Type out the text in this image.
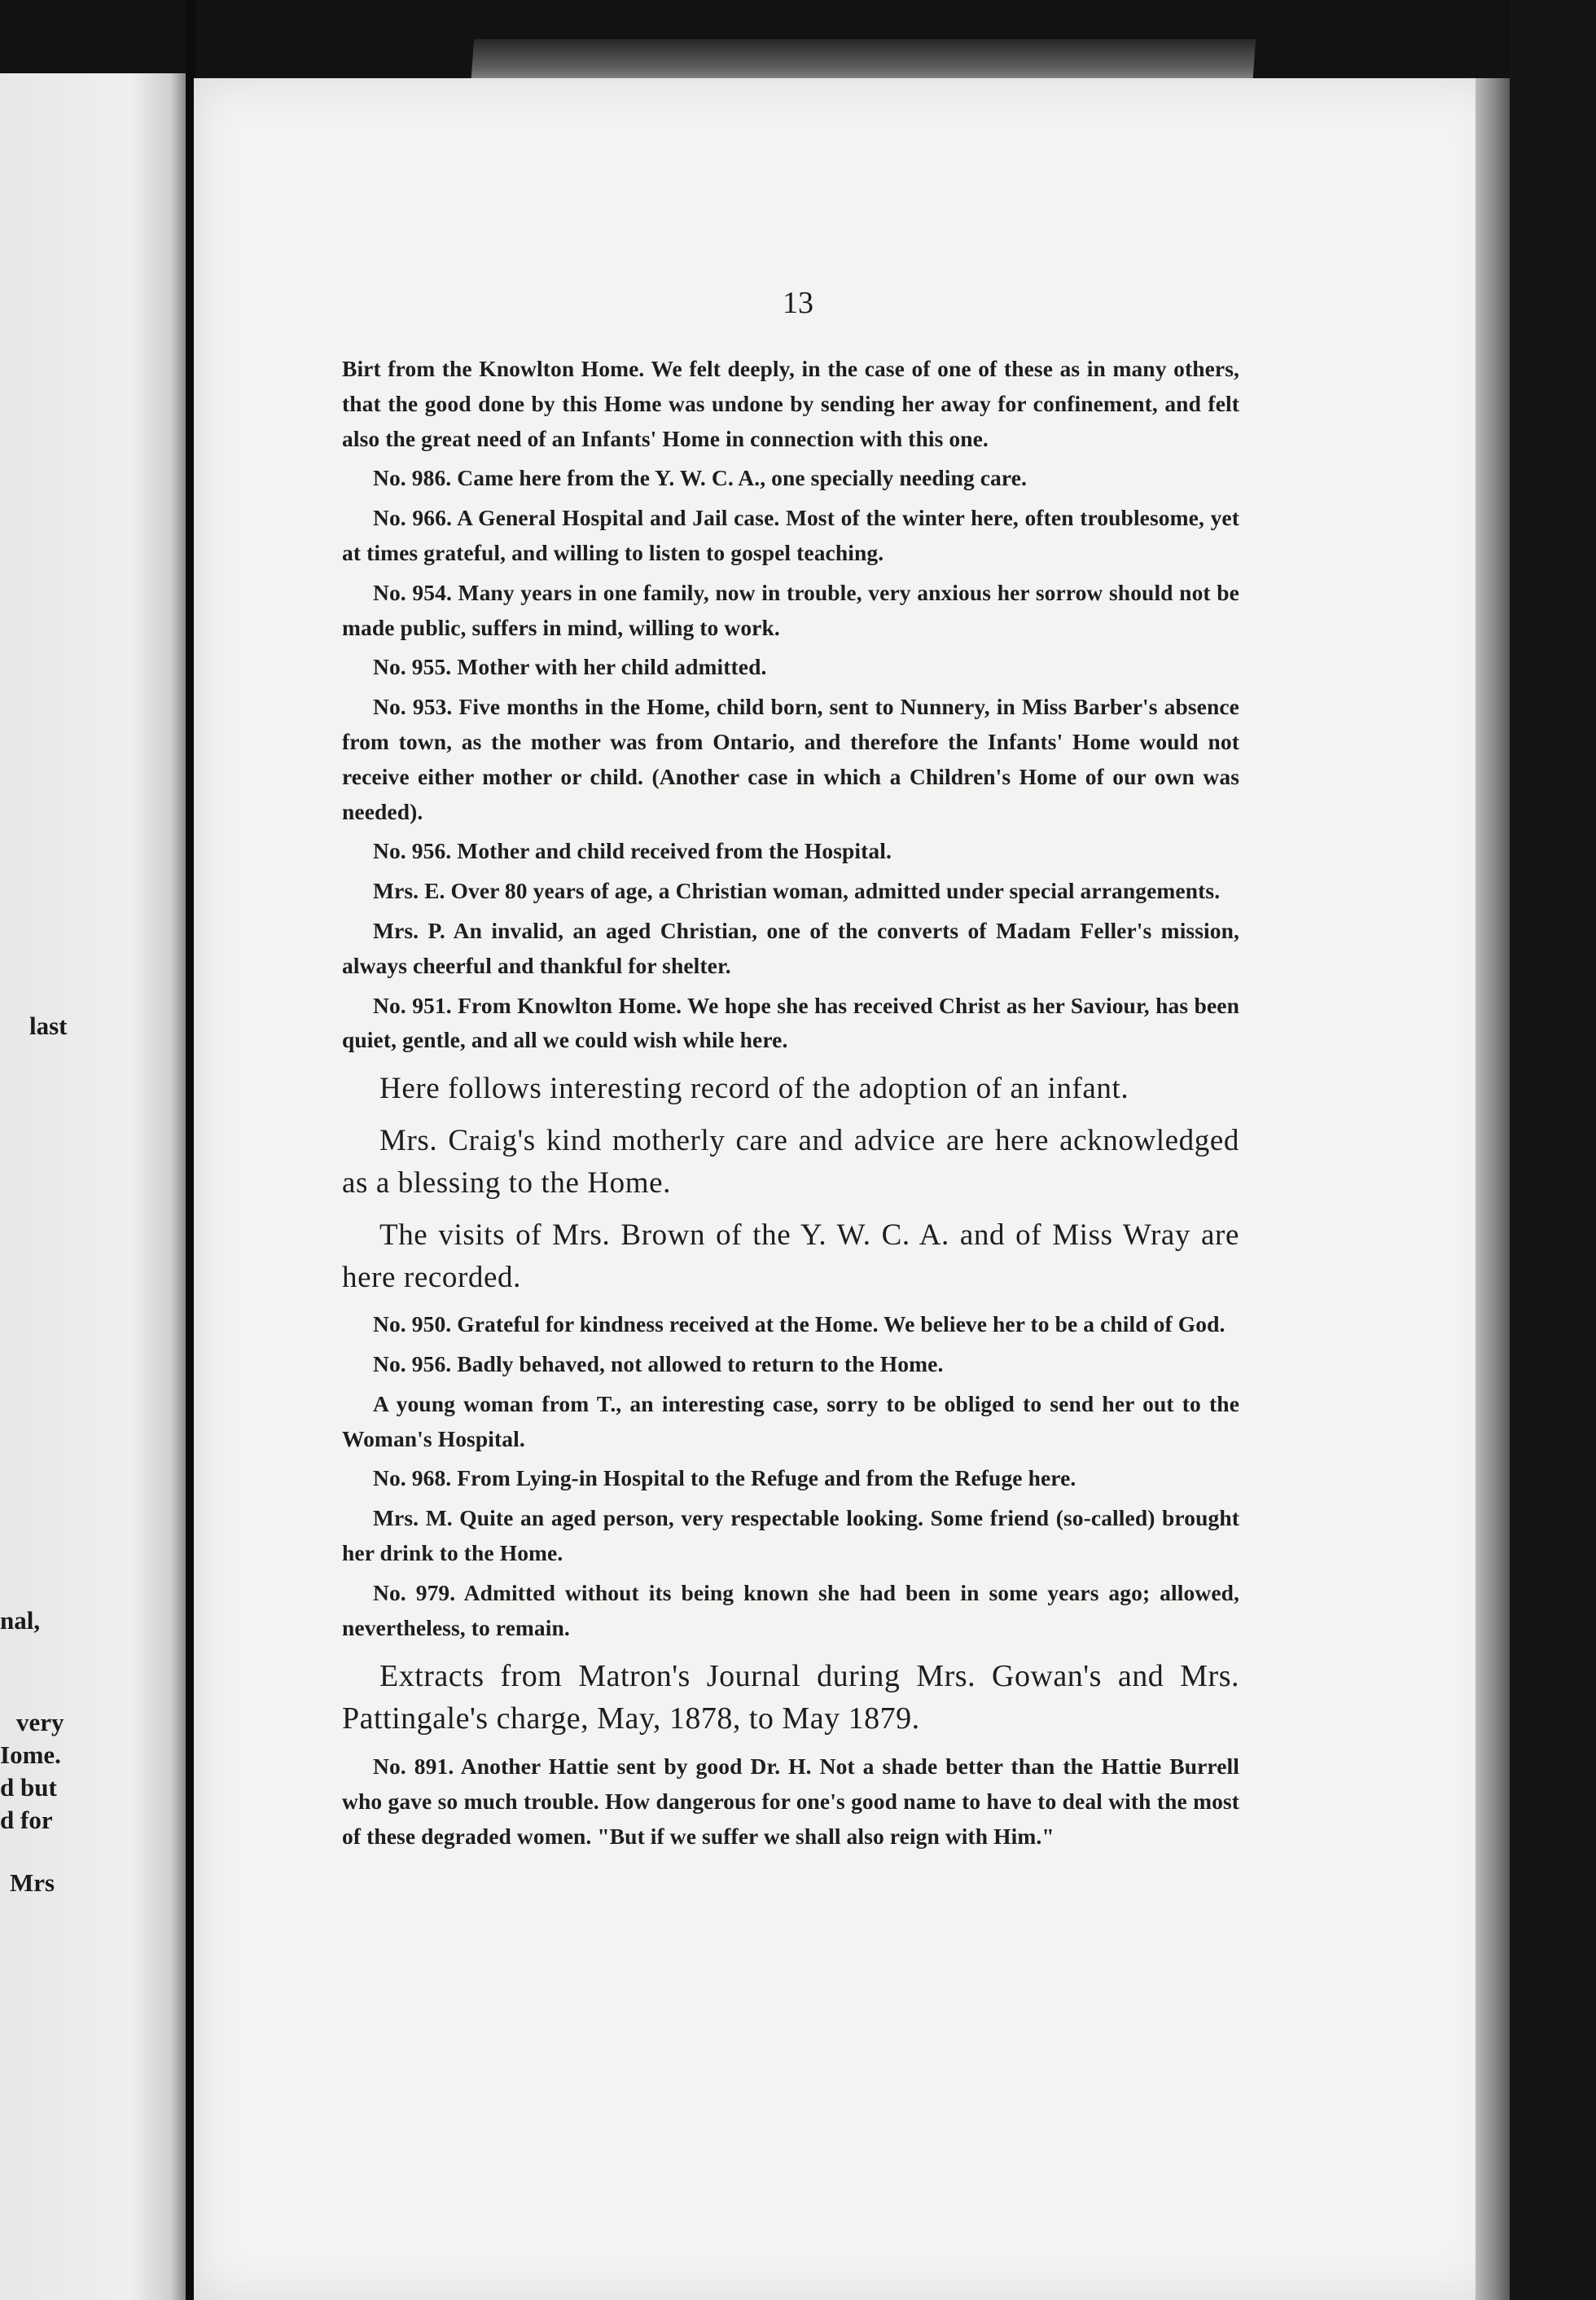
last
nal,
very
Iome.
d but
d for
Mrs
13

Birt from the Knowlton Home. We felt deeply, in the case of one of these as in many others, that the good done by this Home was undone by sending her away for confinement, and felt also the great need of an Infants' Home in connection with this one.

No. 986. Came here from the Y. W. C. A., one specially needing care.

No. 966. A General Hospital and Jail case. Most of the winter here, often troublesome, yet at times grateful, and willing to listen to gospel teaching.

No. 954. Many years in one family, now in trouble, very anxious her sorrow should not be made public, suffers in mind, willing to work.

No. 955. Mother with her child admitted.

No. 953. Five months in the Home, child born, sent to Nunnery, in Miss Barber's absence from town, as the mother was from Ontario, and therefore the Infants' Home would not receive either mother or child. (Another case in which a Children's Home of our own was needed).

No. 956. Mother and child received from the Hospital.

Mrs. E. Over 80 years of age, a Christian woman, admitted under special arrangements.

Mrs. P. An invalid, an aged Christian, one of the converts of Madam Feller's mission, always cheerful and thankful for shelter.

No. 951. From Knowlton Home. We hope she has received Christ as her Saviour, has been quiet, gentle, and all we could wish while here.

Here follows interesting record of the adoption of an infant.

Mrs. Craig's kind motherly care and advice are here acknowledged as a blessing to the Home.

The visits of Mrs. Brown of the Y. W. C. A. and of Miss Wray are here recorded.

No. 950. Grateful for kindness received at the Home. We believe her to be a child of God.

No. 956. Badly behaved, not allowed to return to the Home.

A young woman from T., an interesting case, sorry to be obliged to send her out to the Woman's Hospital.

No. 968. From Lying-in Hospital to the Refuge and from the Refuge here.

Mrs. M. Quite an aged person, very respectable looking. Some friend (so-called) brought her drink to the Home.

No. 979. Admitted without its being known she had been in some years ago; allowed, nevertheless, to remain.

Extracts from Matron's Journal during Mrs. Gowan's and Mrs. Pattingale's charge, May, 1878, to May 1879.

No. 891. Another Hattie sent by good Dr. H. Not a shade better than the Hattie Burrell who gave so much trouble. How dangerous for one's good name to have to deal with the most of these degraded women. "But if we suffer we shall also reign with Him."
